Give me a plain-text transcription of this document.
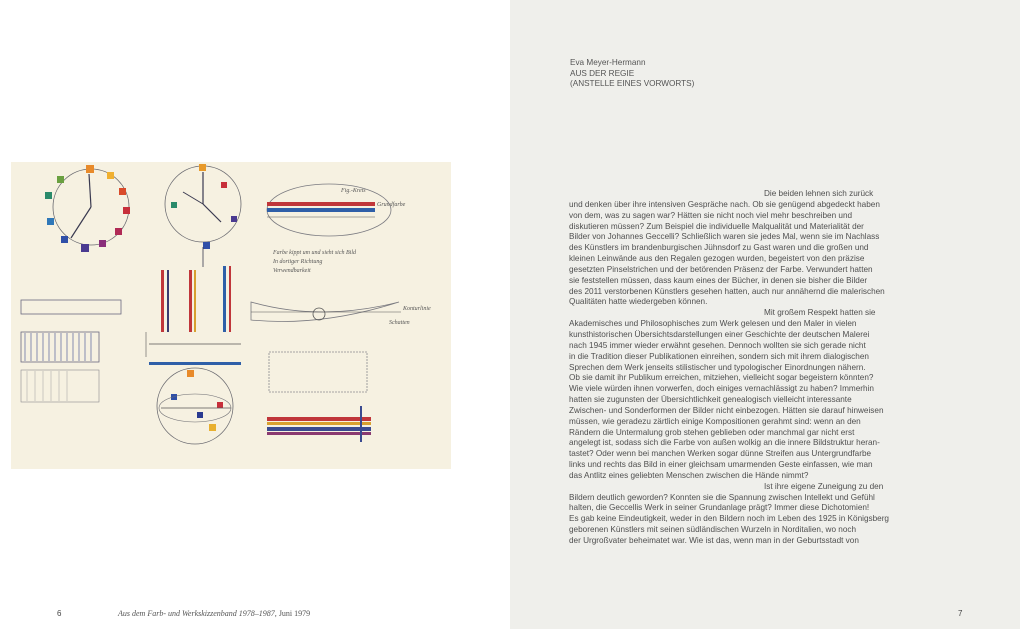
Fig.-Kreis
Grundfarbe
Farbe kippt um und sieht sich Bild
In dortiger Richtung
Verwendbarkeit
Konturlinie
Schatten
6	Aus dem Farb- und Werkskizzenband 1978–1987, Juni 1979
Eva Meyer-Hermann
AUS DER REGIE
(ANSTELLE EINES VORWORTS)
Die beiden lehnen sich zurück
und denken über ihre intensiven Gespräche nach. Ob sie genügend abgedeckt haben
von dem, was zu sagen war? Hätten sie nicht noch viel mehr beschreiben und
diskutieren müssen? Zum Beispiel die individuelle Malqualität und Materialität der
Bilder von Johannes Geccelli? Schließlich waren sie jedes Mal, wenn sie im Nachlass
des Künstlers im brandenburgischen Jühnsdorf zu Gast waren und die großen und
kleinen Leinwände aus den Regalen gezogen wurden, begeistert von den präzise
gesetzten Pinselstrichen und der betörenden Präsenz der Farbe. Verwundert hatten
sie feststellen müssen, dass kaum eines der Bücher, in denen sie bisher die Bilder
des 2011 verstorbenen Künstlers gesehen hatten, auch nur annähernd die malerischen
Qualitäten hatte wiedergeben können.
Mit großem Respekt hatten sie
Akademisches und Philosophisches zum Werk gelesen und den Maler in vielen
kunsthistorischen Übersichtsdarstellungen einer Geschichte der deutschen Malerei
nach 1945 immer wieder erwähnt gesehen. Dennoch wollten sie sich gerade nicht
in die Tradition dieser Publikationen einreihen, sondern sich mit ihrem dialogischen
Sprechen dem Werk jenseits stilistischer und typologischer Einordnungen nähern.
Ob sie damit ihr Publikum erreichen, mitziehen, vielleicht sogar begeistern könnten?
Wie viele würden ihnen vorwerfen, doch einiges vernachlässigt zu haben? Immerhin
hatten sie zugunsten der Übersichtlichkeit genealogisch vielleicht interessante
Zwischen- und Sonderformen der Bilder nicht einbezogen. Hätten sie darauf hinweisen
müssen, wie geradezu zärtlich einige Kompositionen gerahmt sind: wenn an den
Rändern die Untermalung grob stehen geblieben oder manchmal gar nicht erst
angelegt ist, sodass sich die Farbe von außen wolkig an die innere Bildstruktur heran-
tastet? Oder wenn bei manchen Werken sogar dünne Streifen aus Untergrundfarbe
links und rechts das Bild in einer gleichsam umarmenden Geste einfassen, wie man
das Antlitz eines geliebten Menschen zwischen die Hände nimmt?
Ist ihre eigene Zuneigung zu den
Bildern deutlich geworden? Konnten sie die Spannung zwischen Intellekt und Gefühl
halten, die Geccellis Werk in seiner Grundanlage prägt? Immer diese Dichotomien!
Es gab keine Eindeutigkeit, weder in den Bildern noch im Leben des 1925 in Königsberg
geborenen Künstlers mit seinen südländischen Wurzeln in Norditalien, wo noch
der Urgroßvater beheimatet war. Wie ist das, wenn man in der Geburtsstadt von
7
